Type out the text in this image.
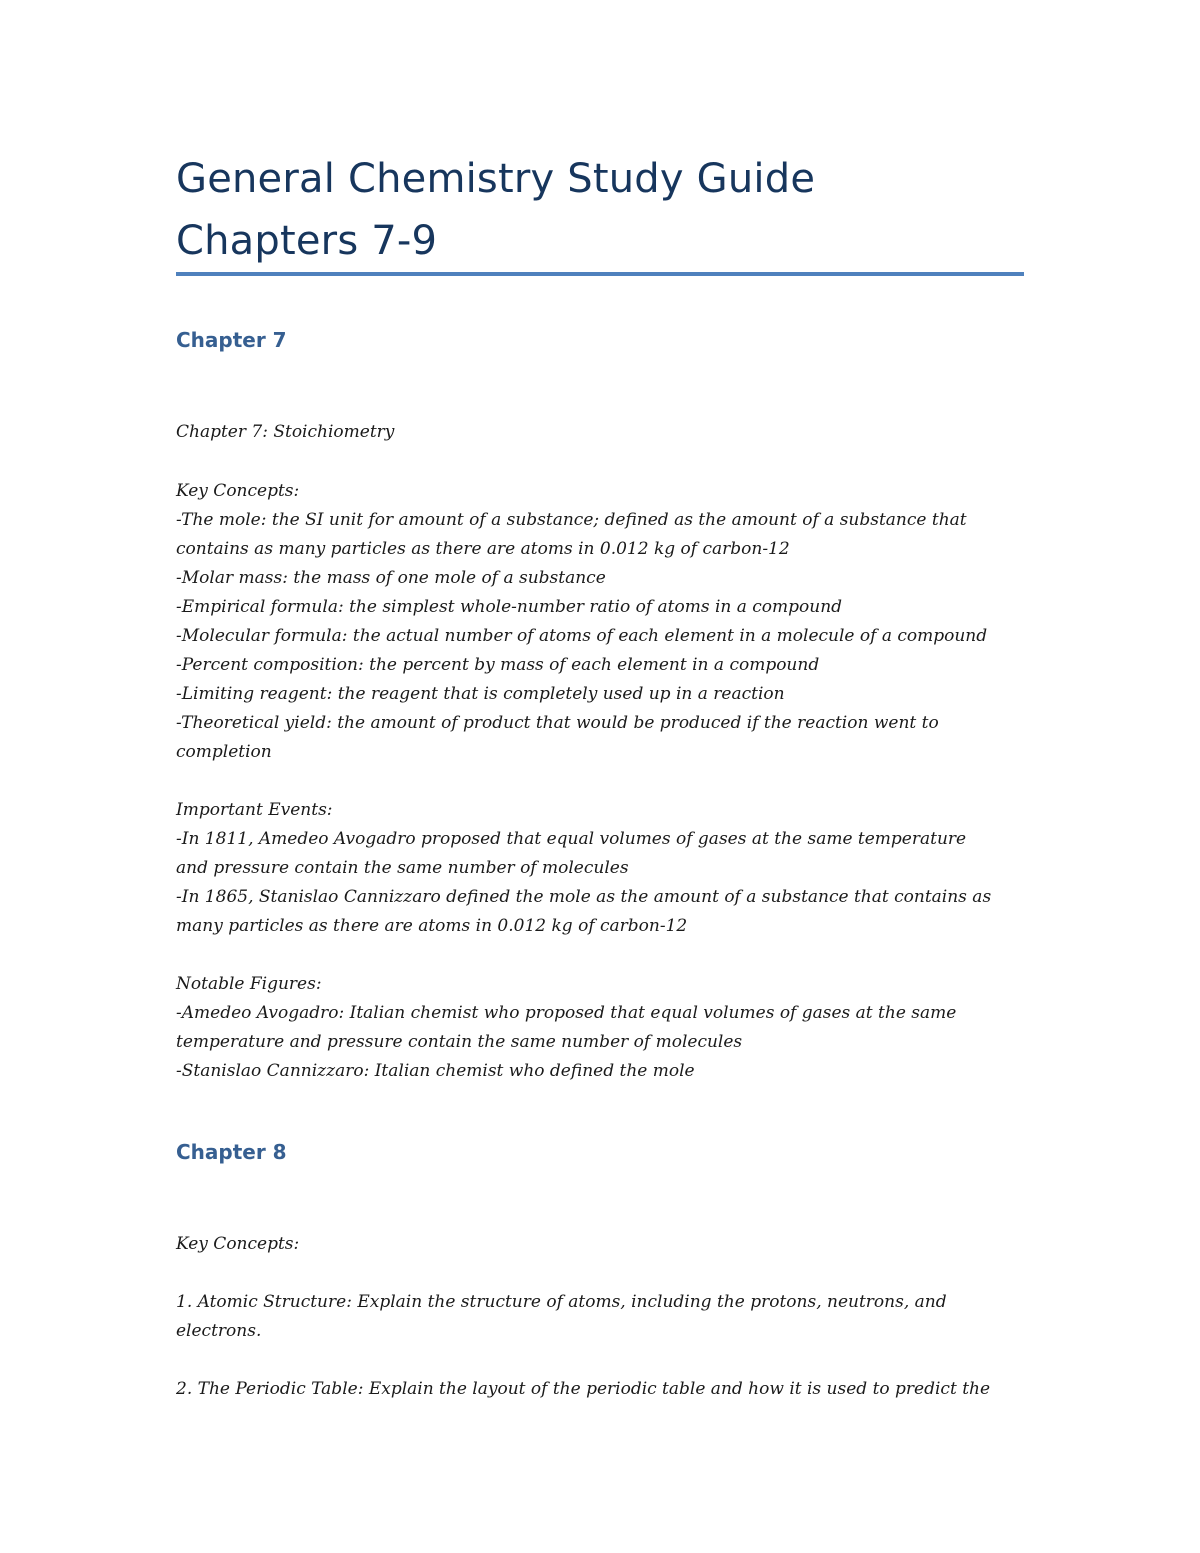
General Chemistry Study Guide
Chapters 7-9
Chapter 7
Chapter 7: Stoichiometry
Key Concepts:
-The mole: the SI unit for amount of a substance; defined as the amount of a substance that
contains as many particles as there are atoms in 0.012 kg of carbon-12
-Molar mass: the mass of one mole of a substance
-Empirical formula: the simplest whole-number ratio of atoms in a compound
-Molecular formula: the actual number of atoms of each element in a molecule of a compound
-Percent composition: the percent by mass of each element in a compound
-Limiting reagent: the reagent that is completely used up in a reaction
-Theoretical yield: the amount of product that would be produced if the reaction went to
completion
Important Events:
-In 1811, Amedeo Avogadro proposed that equal volumes of gases at the same temperature
and pressure contain the same number of molecules
-In 1865, Stanislao Cannizzaro defined the mole as the amount of a substance that contains as
many particles as there are atoms in 0.012 kg of carbon-12
Notable Figures:
-Amedeo Avogadro: Italian chemist who proposed that equal volumes of gases at the same
temperature and pressure contain the same number of molecules
-Stanislao Cannizzaro: Italian chemist who defined the mole
Chapter 8
Key Concepts:
1. Atomic Structure: Explain the structure of atoms, including the protons, neutrons, and
electrons.
2. The Periodic Table: Explain the layout of the periodic table and how it is used to predict the
